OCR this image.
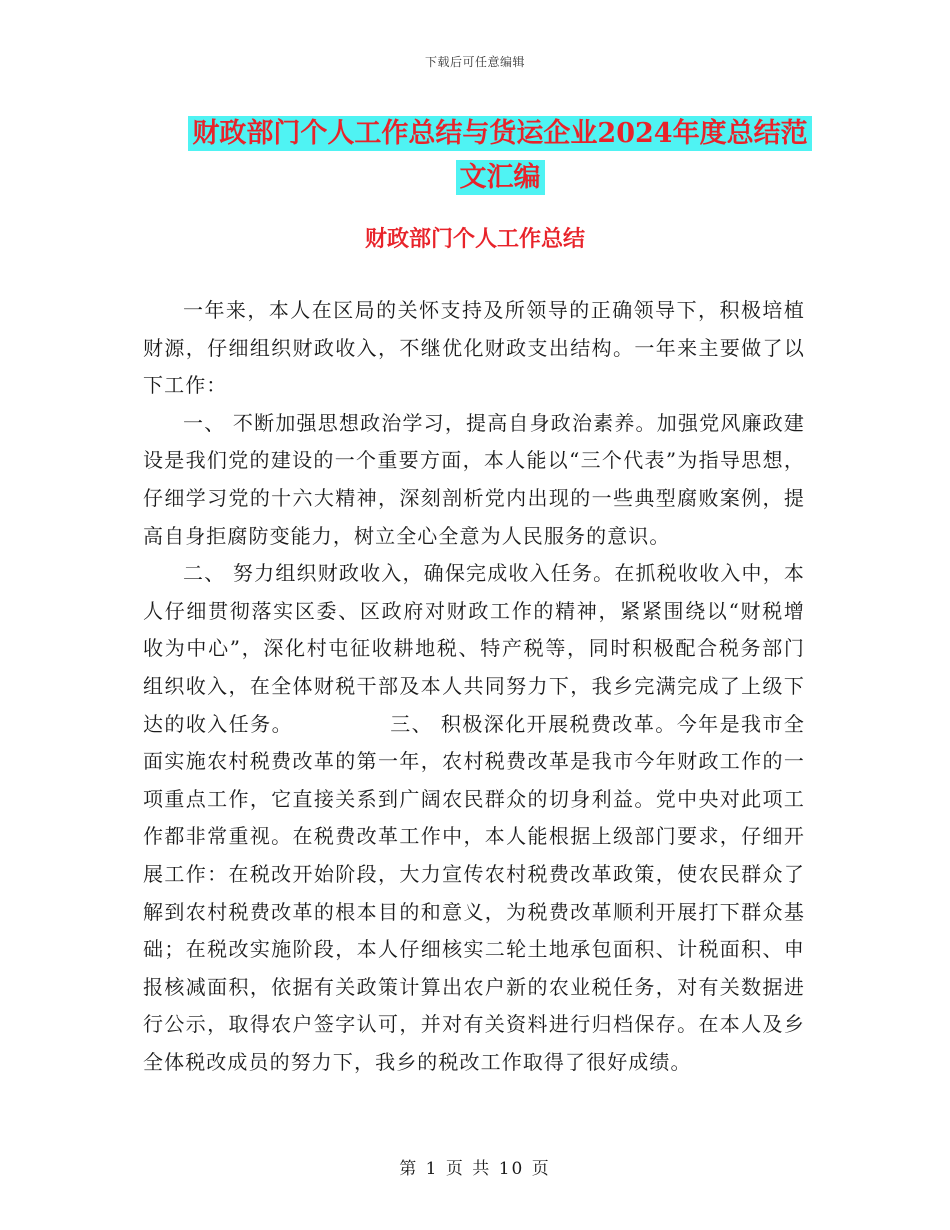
下载后可任意编辑
财政部门个人工作总结与货运企业2024年度总结范文汇编
财政部门个人工作总结

一年来，本人在区局的关怀支持及所领导的正确领导下，积极培植财源，仔细组织财政收入，不继优化财政支出结构。一年来主要做了以下工作：

一、 不断加强思想政治学习，提高自身政治素养。加强党风廉政建设是我们党的建设的一个重要方面，本人能以“三个代表”为指导思想，仔细学习党的十六大精神，深刻剖析党内出现的一些典型腐败案例，提高自身拒腐防变能力，树立全心全意为人民服务的意识。

二、 努力组织财政收入，确保完成收入任务。在抓税收收入中，本人仔细贯彻落实区委、区政府对财政工作的精神，紧紧围绕以“财税增收为中心”，深化村屯征收耕地税、特产税等，同时积极配合税务部门组织收入，在全体财税干部及本人共同努力下，我乡完满完成了上级下达的收入任务。　　　　　三、 积极深化开展税费改革。今年是我市全面实施农村税费改革的第一年，农村税费改革是我市今年财政工作的一项重点工作，它直接关系到广阔农民群众的切身利益。党中央对此项工作都非常重视。在税费改革工作中，本人能根据上级部门要求，仔细开展工作：在税改开始阶段，大力宣传农村税费改革政策，使农民群众了解到农村税费改革的根本目的和意义，为税费改革顺利开展打下群众基础；在税改实施阶段，本人仔细核实二轮土地承包面积、计税面积、申报核减面积，依据有关政策计算出农户新的农业税任务，对有关数据进行公示，取得农户签字认可，并对有关资料进行归档保存。在本人及乡全体税改成员的努力下，我乡的税改工作取得了很好成绩。

第 1 页 共 10 页
